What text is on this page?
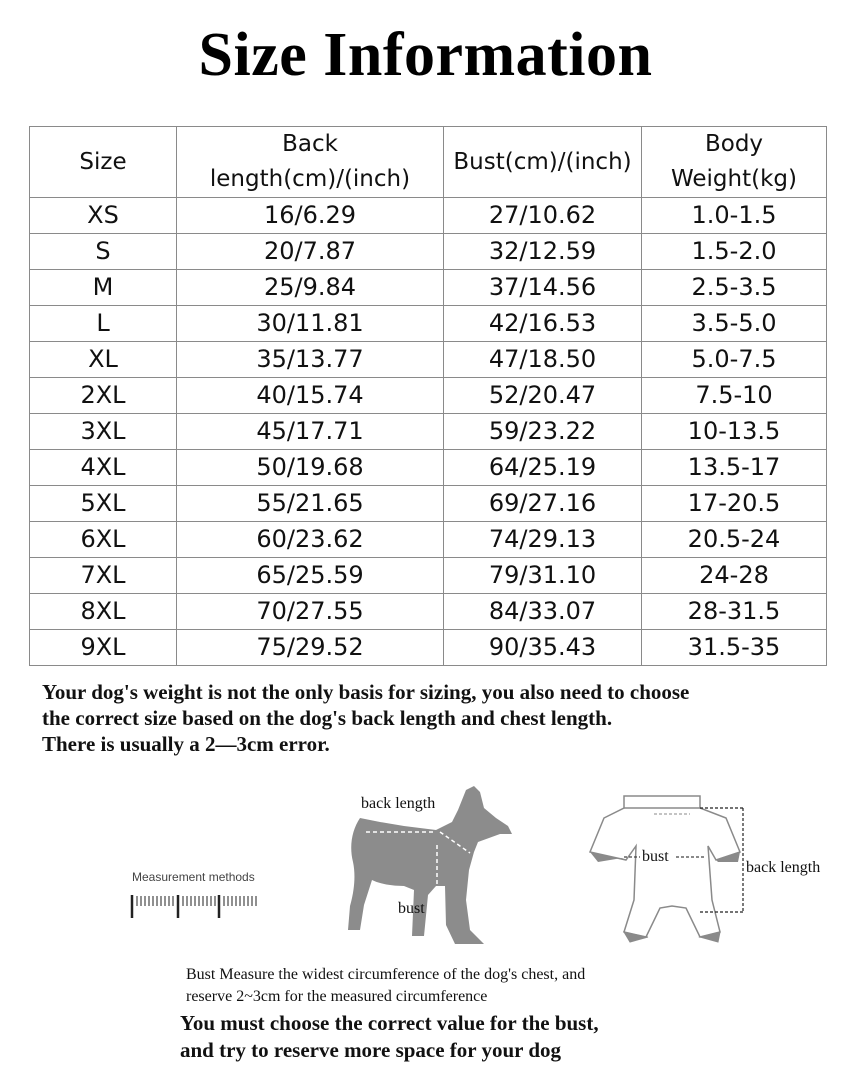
Size Information
Size	Back length(cm)/(inch)	Bust(cm)/(inch)	Body Weight(kg)
XS	16/6.29	27/10.62	1.0-1.5
S	20/7.87	32/12.59	1.5-2.0
M	25/9.84	37/14.56	2.5-3.5
L	30/11.81	42/16.53	3.5-5.0
XL	35/13.77	47/18.50	5.0-7.5
2XL	40/15.74	52/20.47	7.5-10
3XL	45/17.71	59/23.22	10-13.5
4XL	50/19.68	64/25.19	13.5-17
5XL	55/21.65	69/27.16	17-20.5
6XL	60/23.62	74/29.13	20.5-24
7XL	65/25.59	79/31.10	24-28
8XL	70/27.55	84/33.07	28-31.5
9XL	75/29.52	90/35.43	31.5-35
Your dog's weight is not the only basis for sizing, you also need to choose
the correct size based on the dog's back length and chest length.
There is usually a 2—3cm error.
Measurement methods
back length
bust
bust
back length
Bust Measure the widest circumference of the dog's chest, and
reserve 2~3cm for the measured circumference
You must choose the correct value for the bust,
and try to reserve more space for your dog
